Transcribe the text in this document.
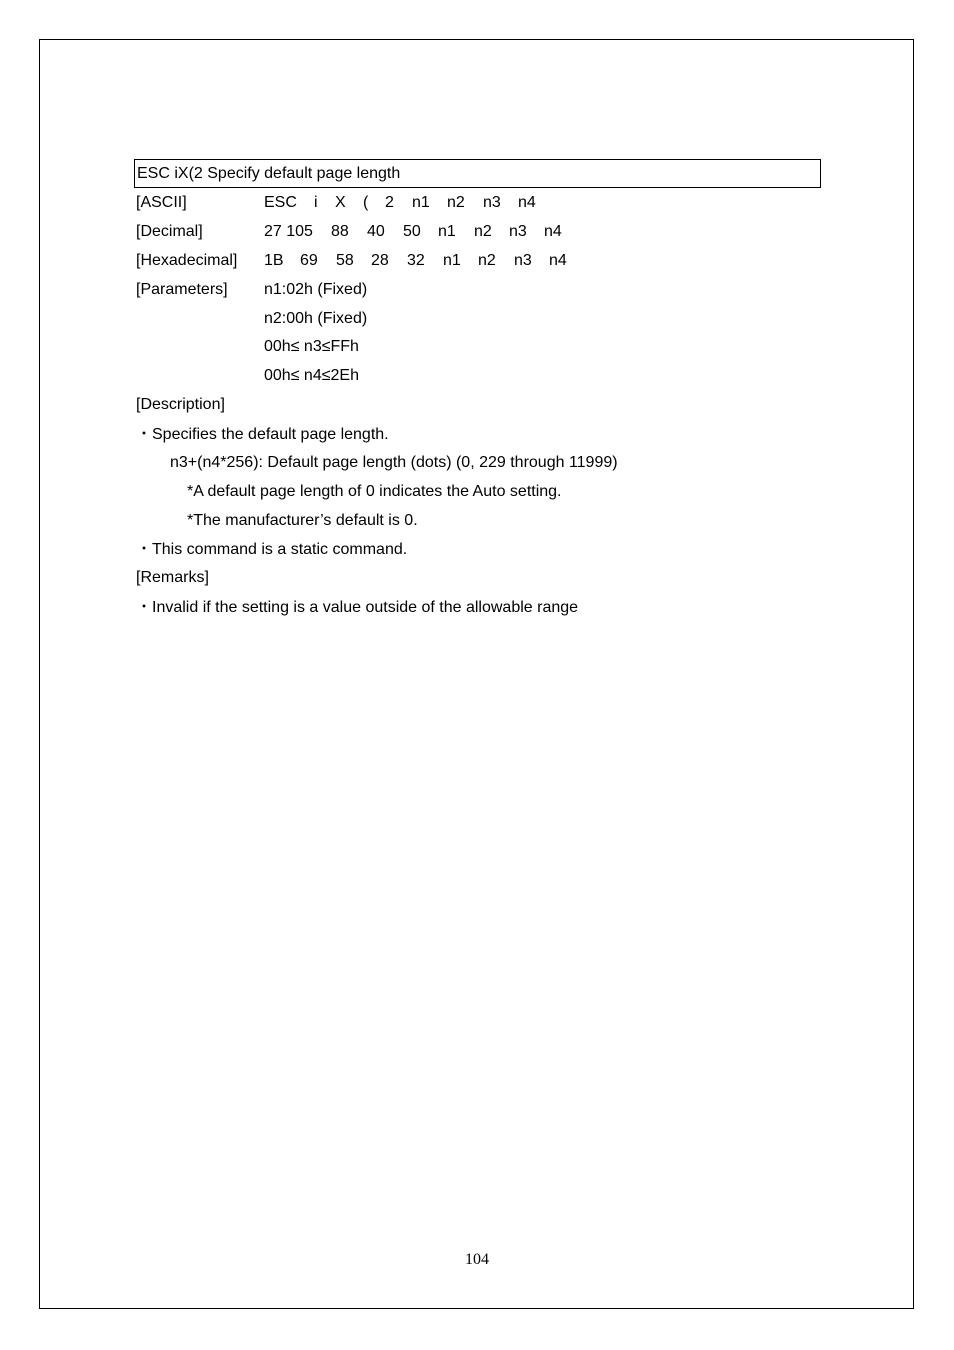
ESC iX(2 Specify default page length
[ASCII]	ESC i X ( 2 n1 n2 n3 n4
[Decimal]	27 105 88 40 50 n1 n2 n3 n4
[Hexadecimal] 1B 69 58 28 32 n1 n2 n3 n4
[Parameters] n1:02h (Fixed)
n2:00h (Fixed)
00h≤ n3≤FFh
00h≤ n4≤2Eh
[Description]
・Specifies the default page length.
n3+(n4*256): Default page length (dots) (0, 229 through 11999)
*A default page length of 0 indicates the Auto setting.
*The manufacturer’s default is 0.
・This command is a static command.
[Remarks]
・Invalid if the setting is a value outside of the allowable range
104
